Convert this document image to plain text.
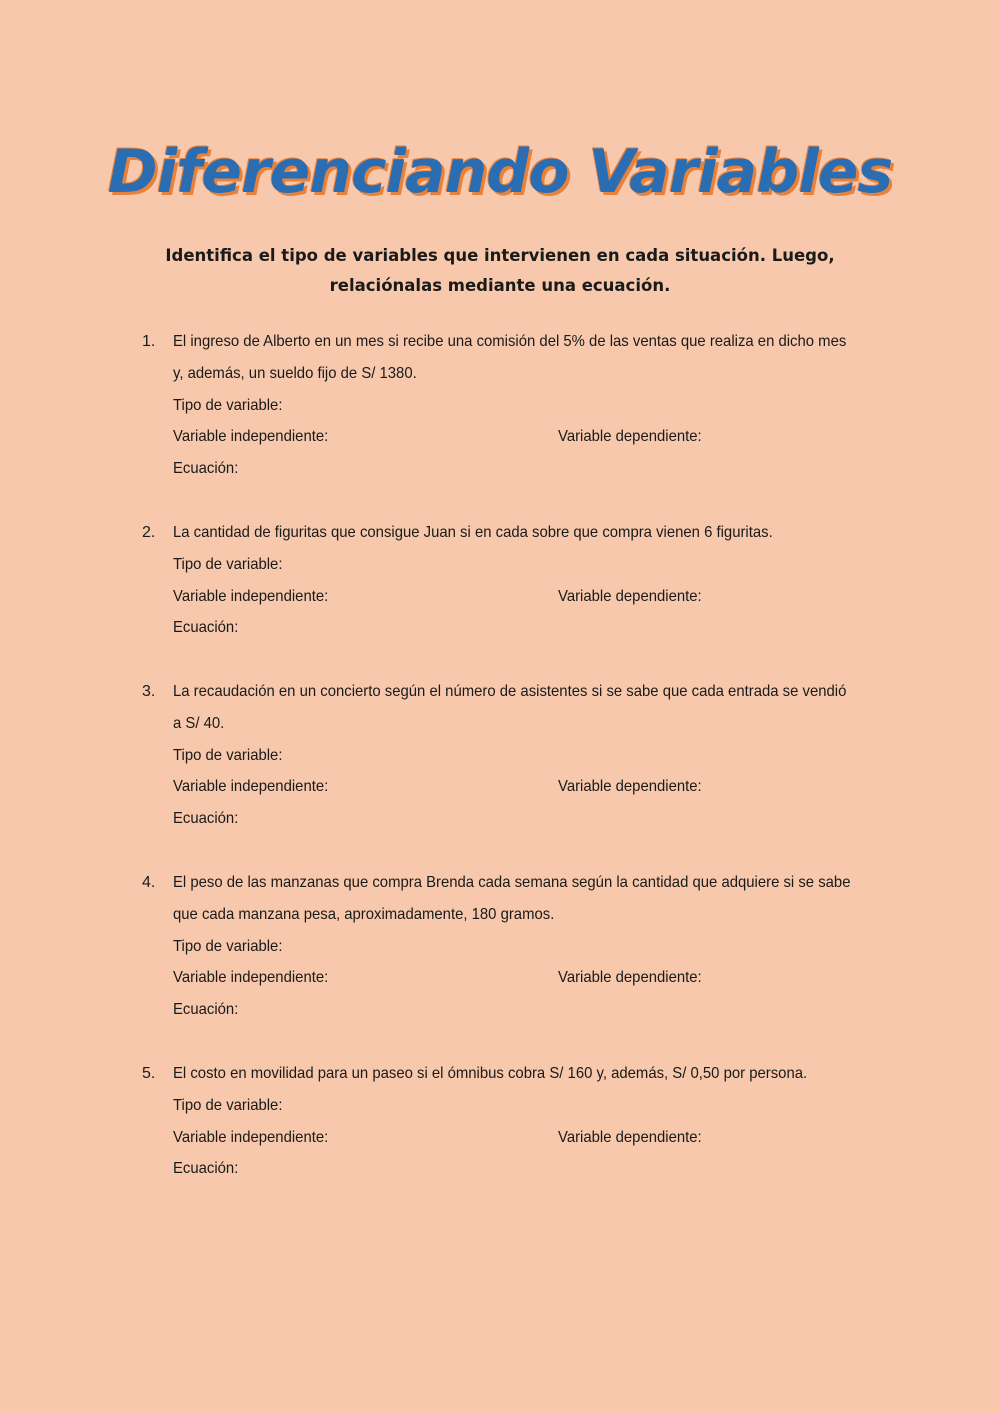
Diferenciando Variables
Identifica el tipo de variables que intervienen en cada situación. Luego, relaciónalas mediante una ecuación.
1. El ingreso de Alberto en un mes si recibe una comisión del 5% de las ventas que realiza en dicho mes
y, además, un sueldo fijo de S/ 1380.
Tipo de variable:
Variable independiente:	Variable dependiente:
Ecuación:
2. La cantidad de figuritas que consigue Juan si en cada sobre que compra vienen 6 figuritas.
Tipo de variable:
Variable independiente:	Variable dependiente:
Ecuación:
3. La recaudación en un concierto según el número de asistentes si se sabe que cada entrada se vendió
a S/ 40.
Tipo de variable:
Variable independiente:	Variable dependiente:
Ecuación:
4. El peso de las manzanas que compra Brenda cada semana según la cantidad que adquiere si se sabe
que cada manzana pesa, aproximadamente, 180 gramos.
Tipo de variable:
Variable independiente:	Variable dependiente:
Ecuación:
5. El costo en movilidad para un paseo si el ómnibus cobra S/ 160 y, además, S/ 0,50 por persona.
Tipo de variable:
Variable independiente:	Variable dependiente:
Ecuación:
